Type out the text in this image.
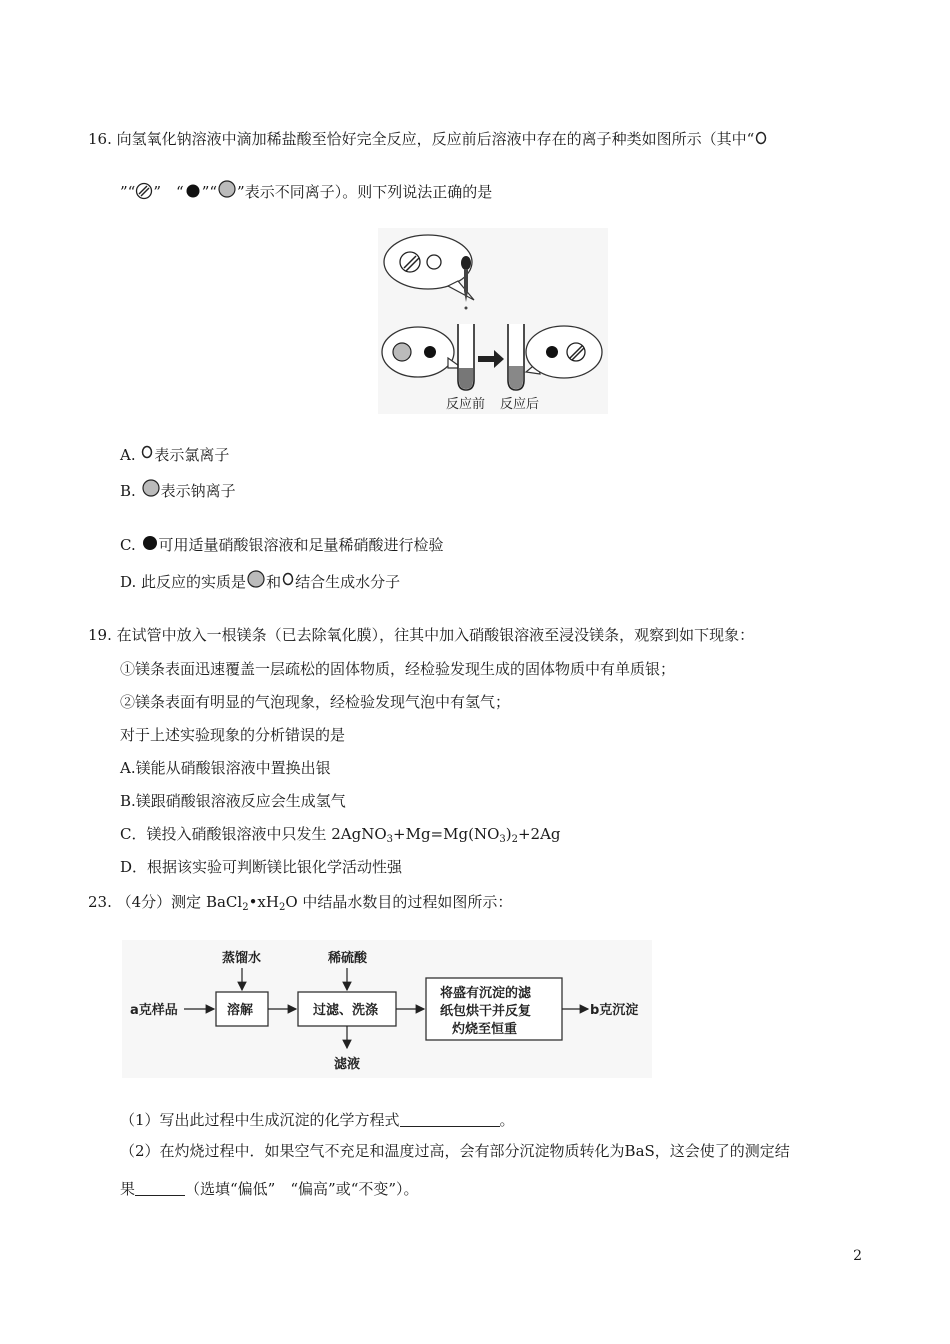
16. 向氢氧化钠溶液中滴加稀盐酸至恰好完全反应，反应前后溶液中存在的离子种类如图所示（其中“
”“ ”　“ ”“ ”表示不同离子）。则下列说法正确的是
反应前 反应后
A. 表示氯离子
B. 表示钠离子
C. 可用适量硝酸银溶液和足量稀硝酸进行检验
D. 此反应的实质是 和 结合生成水分子
19. 在试管中放入一根镁条（已去除氧化膜），往其中加入硝酸银溶液至浸没镁条，观察到如下现象：
①镁条表面迅速覆盖一层疏松的固体物质，经检验发现生成的固体物质中有单质银；
②镁条表面有明显的气泡现象，经检验发现气泡中有氢气；
对于上述实验现象的分析错误的是
A.镁能从硝酸银溶液中置换出银
B.镁跟硝酸银溶液反应会生成氢气
C．镁投入硝酸银溶液中只发生 $2AgNO_3+Mg=Mg(NO_3)_2+2Ag$
D．根据该实验可判断镁比银化学活动性强
23. （4分）测定 $BaCl_2•xH_2O$ 中结晶水数目的过程如图所示：
a克样品	溶解
蒸馏水
过滤、洗涤
稀硫酸
滤液
将盛有沉淀的滤
纸包烘干并反复
灼烧至恒重
b克沉淀
（1）写出此过程中生成沉淀的化学方程式	。
（2）在灼烧过程中．如果空气不充足和温度过高，会有部分沉淀物质转化为BaS，这会使了的测定结
果	（选填“偏低”　“偏高”或“不变”）。
2
